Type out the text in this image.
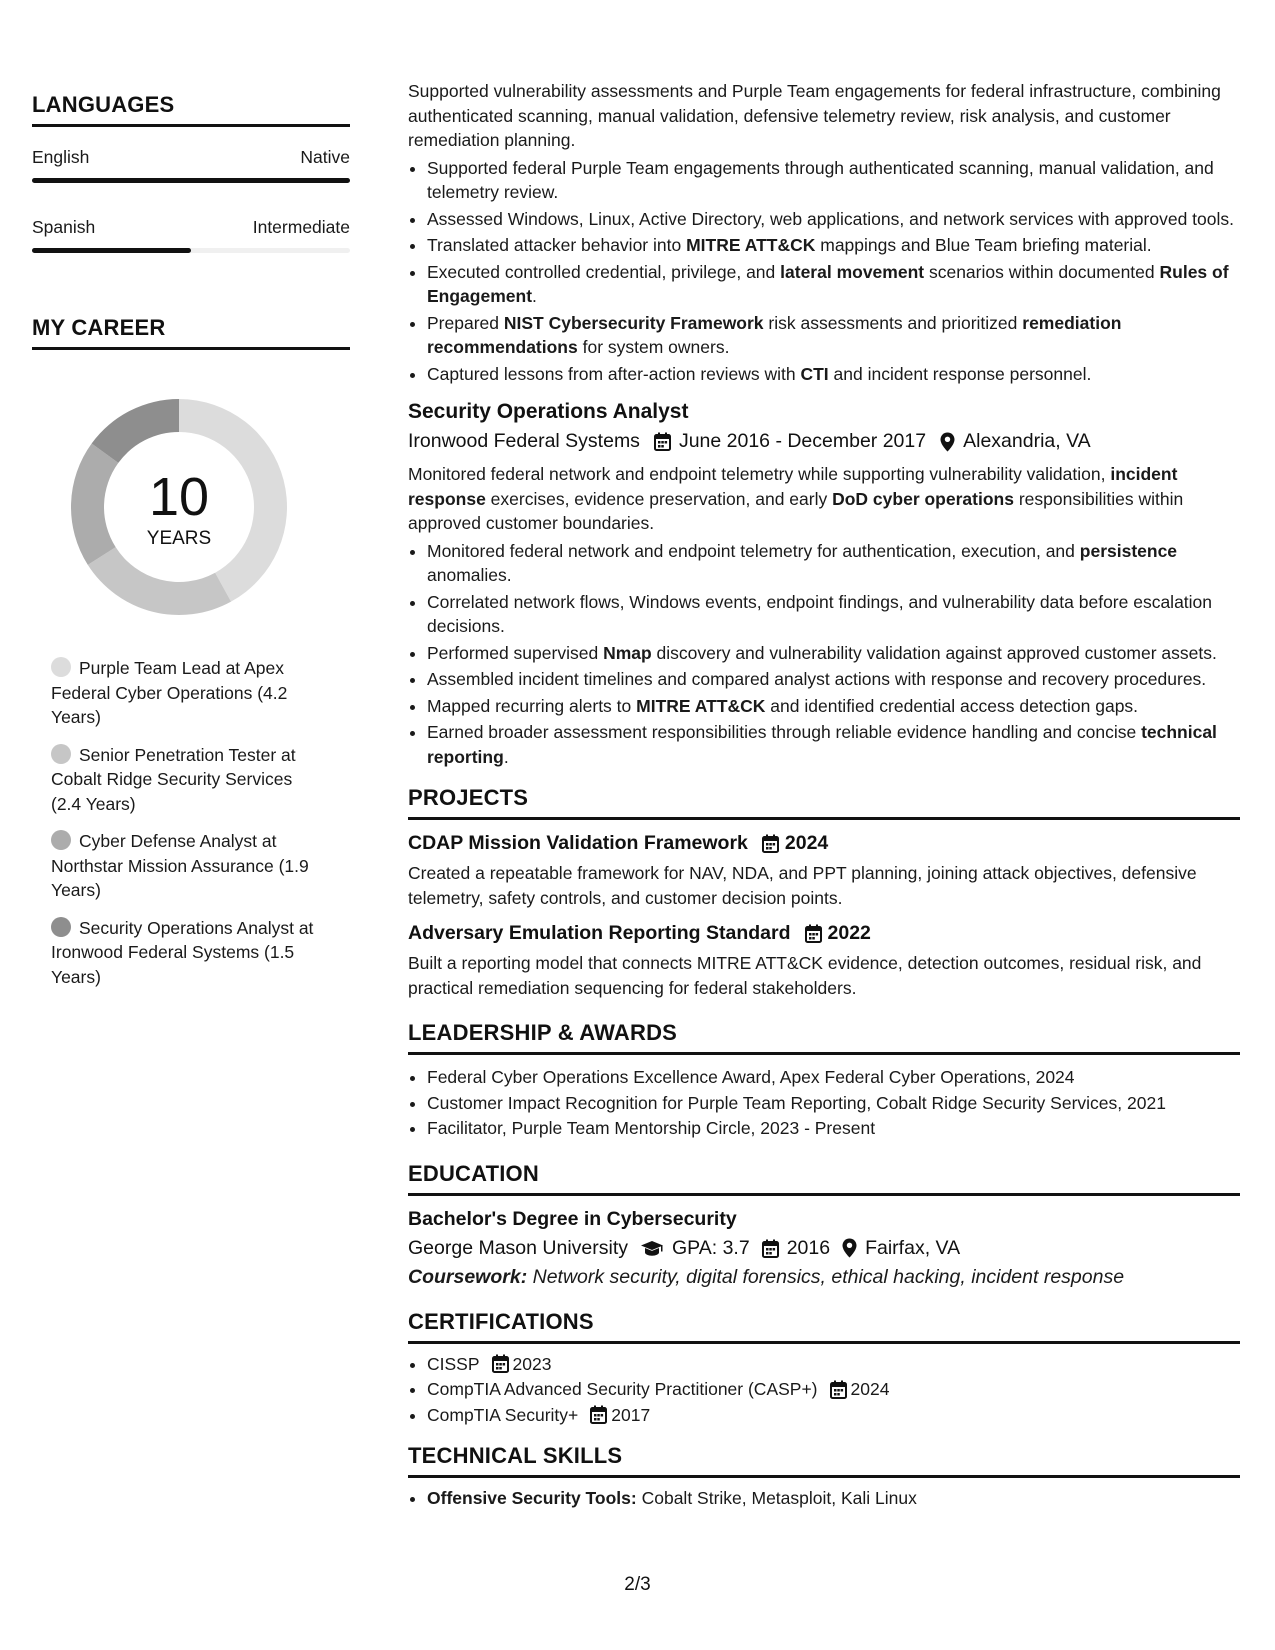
LANGUAGES
English	Native
Spanish	Intermediate
MY CAREER
10
YEARS
Purple Team Lead at Apex Federal Cyber Operations (4.2 Years)
Senior Penetration Tester at Cobalt Ridge Security Services (2.4 Years)
Cyber Defense Analyst at Northstar Mission Assurance (1.9 Years)
Security Operations Analyst at Ironwood Federal Systems (1.5 Years)

Supported vulnerability assessments and Purple Team engagements for federal infrastructure, combining authenticated scanning, manual validation, defensive telemetry review, risk analysis, and customer remediation planning.

• Supported federal Purple Team engagements through authenticated scanning, manual validation, and telemetry review.
• Assessed Windows, Linux, Active Directory, web applications, and network services with approved tools.
• Translated attacker behavior into MITRE ATT&CK mappings and Blue Team briefing material.
• Executed controlled credential, privilege, and lateral movement scenarios within documented Rules of Engagement.
• Prepared NIST Cybersecurity Framework risk assessments and prioritized remediation recommendations for system owners.
• Captured lessons from after-action reviews with CTI and incident response personnel.
Security Operations Analyst
Ironwood Federal Systems June 2016 - December 2017 Alexandria, VA

Monitored federal network and endpoint telemetry while supporting vulnerability validation, incident response exercises, evidence preservation, and early DoD cyber operations responsibilities within approved customer boundaries.

• Monitored federal network and endpoint telemetry for authentication, execution, and persistence anomalies.
• Correlated network flows, Windows events, endpoint findings, and vulnerability data before escalation decisions.
• Performed supervised Nmap discovery and vulnerability validation against approved customer assets.
• Assembled incident timelines and compared analyst actions with response and recovery procedures.
• Mapped recurring alerts to MITRE ATT&CK and identified credential access detection gaps.
• Earned broader assessment responsibilities through reliable evidence handling and concise technical reporting.
PROJECTS
CDAP Mission Validation Framework 2024

Created a repeatable framework for NAV, NDA, and PPT planning, joining attack objectives, defensive telemetry, safety controls, and customer decision points.

Adversary Emulation Reporting Standard 2022

Built a reporting model that connects MITRE ATT&CK evidence, detection outcomes, residual risk, and practical remediation sequencing for federal stakeholders.

LEADERSHIP & AWARDS
• Federal Cyber Operations Excellence Award, Apex Federal Cyber Operations, 2024
• Customer Impact Recognition for Purple Team Reporting, Cobalt Ridge Security Services, 2021
• Facilitator, Purple Team Mentorship Circle, 2023 - Present
EDUCATION
Bachelor's Degree in Cybersecurity
George Mason University GPA: 3.7 2016 Fairfax, VA
Coursework: Network security, digital forensics, ethical hacking, incident response
CERTIFICATIONS
• CISSP 2023
• CompTIA Advanced Security Practitioner (CASP+) 2024
• CompTIA Security+ 2017
TECHNICAL SKILLS
• Offensive Security Tools: Cobalt Strike, Metasploit, Kali Linux
2/3
